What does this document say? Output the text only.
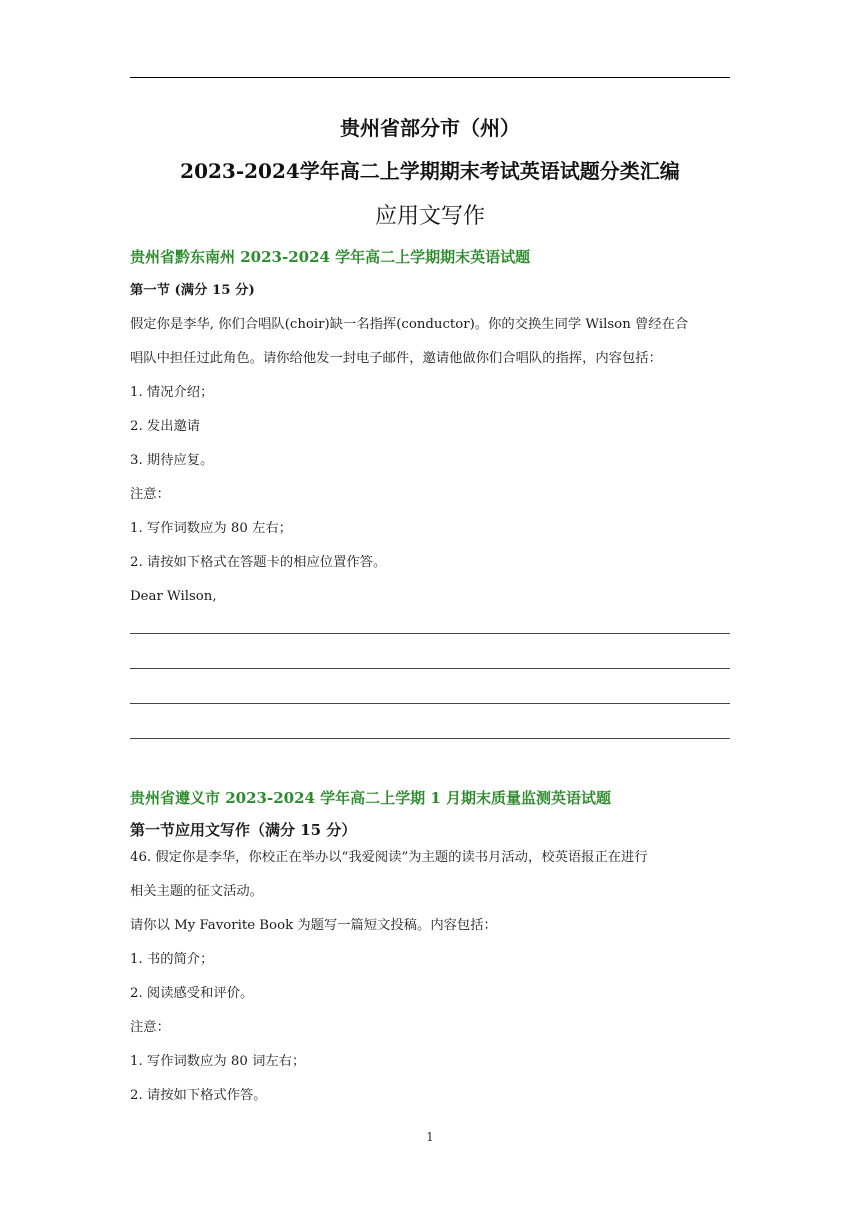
贵州省部分市（州）
2023-2024学年高二上学期期末考试英语试题分类汇编
应用文写作
贵州省黔东南州 2023-2024 学年高二上学期期末英语试题
第一节 (满分 15 分)
假定你是李华, 你们合唱队(choir)缺一名指挥(conductor)。你的交换生同学 Wilson 曾经在合
唱队中担任过此角色。请你给他发一封电子邮件，邀请他做你们合唱队的指挥，内容包括：
1. 情况介绍；
2. 发出邀请
3. 期待应复。
注意：
1. 写作词数应为 80 左右；
2. 请按如下格式在答题卡的相应位置作答。
Dear Wilson,
贵州省遵义市 2023-2024 学年高二上学期 1 月期末质量监测英语试题
第一节应用文写作（满分 15 分）
46. 假定你是李华，你校正在举办以“我爱阅读”为主题的读书月活动，校英语报正在进行
相关主题的征文活动。
请你以 My Favorite Book 为题写一篇短文投稿。内容包括：
1. 书的简介；
2. 阅读感受和评价。
注意：
1. 写作词数应为 80 词左右；
2. 请按如下格式作答。
1
